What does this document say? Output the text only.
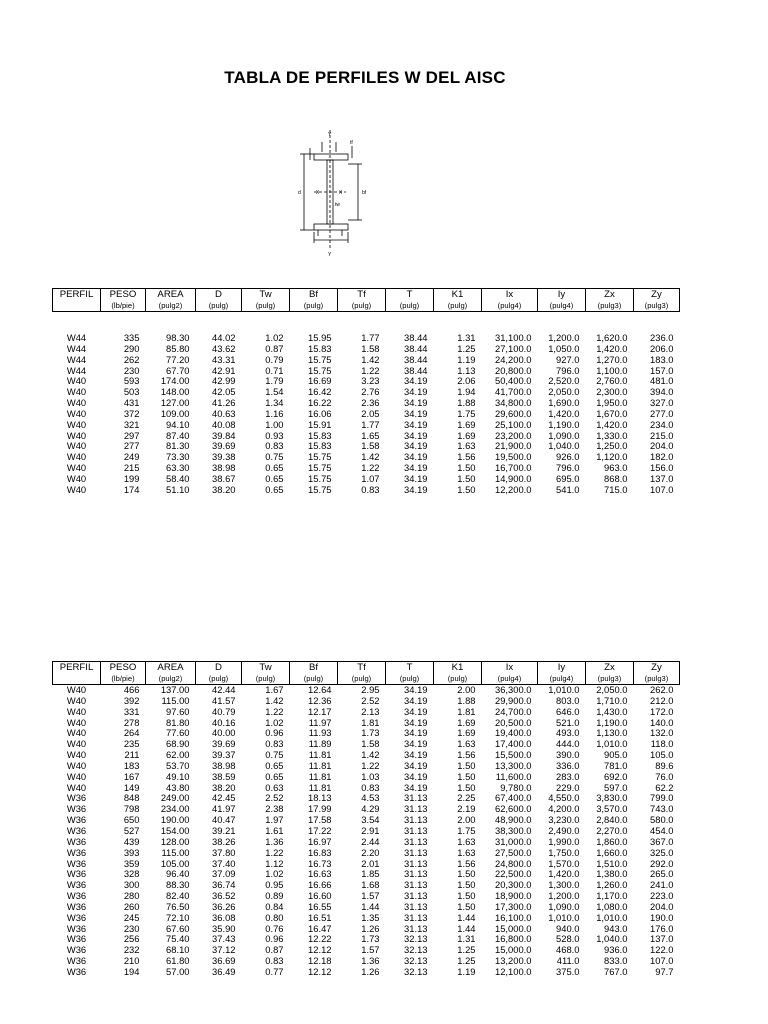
TABLA DE PERFILES W DEL AISC
Y
X	X
Y
tf
tw
d	bf
PERFIL	PESO	AREA	D	Tw	Bf	Tf	T	K1	Ix	Iy	Zx	Zy
	(lb/pie)	(pulg2)	(pulg)	(pulg)	(pulg)	(pulg)	(pulg)	(pulg)	(pulg4)	(pulg4)	(pulg3)	(pulg3)

W44	335	98.30	44.02	1.02	15.95	1.77	38.44	1.31	31,100.0	1,200.0	1,620.0	236.0
W44	290	85.80	43.62	0.87	15.83	1.58	38.44	1.25	27,100.0	1,050.0	1,420.0	206.0
W44	262	77.20	43.31	0.79	15.75	1.42	38.44	1.19	24,200.0	927.0	1,270.0	183.0
W44	230	67.70	42.91	0.71	15.75	1.22	38.44	1.13	20,800.0	796.0	1,100.0	157.0
W40	593	174.00	42.99	1.79	16.69	3.23	34.19	2.06	50,400.0	2,520.0	2,760.0	481.0
W40	503	148.00	42.05	1.54	16.42	2.76	34.19	1.94	41,700.0	2,050.0	2,300.0	394.0
W40	431	127.00	41.26	1.34	16.22	2.36	34.19	1.88	34,800.0	1,690.0	1,950.0	327.0
W40	372	109.00	40.63	1.16	16.06	2.05	34.19	1.75	29,600.0	1,420.0	1,670.0	277.0
W40	321	94.10	40.08	1.00	15.91	1.77	34.19	1.69	25,100.0	1,190.0	1,420.0	234.0
W40	297	87.40	39.84	0.93	15.83	1.65	34.19	1.69	23,200.0	1,090.0	1,330.0	215.0
W40	277	81.30	39.69	0.83	15.83	1.58	34.19	1.63	21,900.0	1,040.0	1,250.0	204.0
W40	249	73.30	39.38	0.75	15.75	1.42	34.19	1.56	19,500.0	926.0	1,120.0	182.0
W40	215	63.30	38.98	0.65	15.75	1.22	34.19	1.50	16,700.0	796.0	963.0	156.0
W40	199	58.40	38.67	0.65	15.75	1.07	34.19	1.50	14,900.0	695.0	868.0	137.0
W40	174	51.10	38.20	0.65	15.75	0.83	34.19	1.50	12,200.0	541.0	715.0	107.0
PERFIL	PESO	AREA	D	Tw	Bf	Tf	T	K1	Ix	Iy	Zx	Zy
	(lb/pie)	(pulg2)	(pulg)	(pulg)	(pulg)	(pulg)	(pulg)	(pulg)	(pulg4)	(pulg4)	(pulg3)	(pulg3)
W40	466	137.00	42.44	1.67	12.64	2.95	34.19	2.00	36,300.0	1,010.0	2,050.0	262.0
W40	392	115.00	41.57	1.42	12.36	2.52	34.19	1.88	29,900.0	803.0	1,710.0	212.0
W40	331	97.60	40.79	1.22	12.17	2.13	34.19	1.81	24,700.0	646.0	1,430.0	172.0
W40	278	81.80	40.16	1.02	11.97	1.81	34.19	1.69	20,500.0	521.0	1,190.0	140.0
W40	264	77.60	40.00	0.96	11.93	1.73	34.19	1.69	19,400.0	493.0	1,130.0	132.0
W40	235	68.90	39.69	0.83	11.89	1.58	34.19	1.63	17,400.0	444.0	1,010.0	118.0
W40	211	62.00	39.37	0.75	11.81	1.42	34.19	1.56	15,500.0	390.0	905.0	105.0
W40	183	53.70	38.98	0.65	11.81	1.22	34.19	1.50	13,300.0	336.0	781.0	89.6
W40	167	49.10	38.59	0.65	11.81	1.03	34.19	1.50	11,600.0	283.0	692.0	76.0
W40	149	43.80	38.20	0.63	11.81	0.83	34.19	1.50	9,780.0	229.0	597.0	62.2
W36	848	249.00	42.45	2.52	18.13	4.53	31.13	2.25	67,400.0	4,550.0	3,830.0	799.0
W36	798	234.00	41.97	2.38	17.99	4.29	31.13	2.19	62,600.0	4,200.0	3,570.0	743.0
W36	650	190.00	40.47	1.97	17.58	3.54	31.13	2.00	48,900.0	3,230.0	2,840.0	580.0
W36	527	154.00	39.21	1.61	17.22	2.91	31.13	1.75	38,300.0	2,490.0	2,270.0	454.0
W36	439	128.00	38.26	1.36	16.97	2.44	31.13	1.63	31,000.0	1,990.0	1,860.0	367.0
W36	393	115.00	37.80	1.22	16.83	2.20	31.13	1.63	27,500.0	1,750.0	1,660.0	325.0
W36	359	105.00	37.40	1.12	16.73	2.01	31.13	1.56	24,800.0	1,570.0	1,510.0	292.0
W36	328	96.40	37.09	1.02	16.63	1.85	31.13	1.50	22,500.0	1,420.0	1,380.0	265.0
W36	300	88.30	36.74	0.95	16.66	1.68	31.13	1.50	20,300.0	1,300.0	1,260.0	241.0
W36	280	82.40	36.52	0.89	16.60	1.57	31.13	1.50	18,900.0	1,200.0	1,170.0	223.0
W36	260	76.50	36.26	0.84	16.55	1.44	31.13	1.50	17,300.0	1,090.0	1,080.0	204.0
W36	245	72.10	36.08	0.80	16.51	1.35	31.13	1.44	16,100.0	1,010.0	1,010.0	190.0
W36	230	67.60	35.90	0.76	16.47	1.26	31.13	1.44	15,000.0	940.0	943.0	176.0
W36	256	75.40	37.43	0.96	12.22	1.73	32.13	1.31	16,800.0	528.0	1,040.0	137.0
W36	232	68.10	37.12	0.87	12.12	1.57	32.13	1.25	15,000.0	468.0	936.0	122.0
W36	210	61.80	36.69	0.83	12.18	1.36	32.13	1.25	13,200.0	411.0	833.0	107.0
W36	194	57.00	36.49	0.77	12.12	1.26	32.13	1.19	12,100.0	375.0	767.0	97.7
